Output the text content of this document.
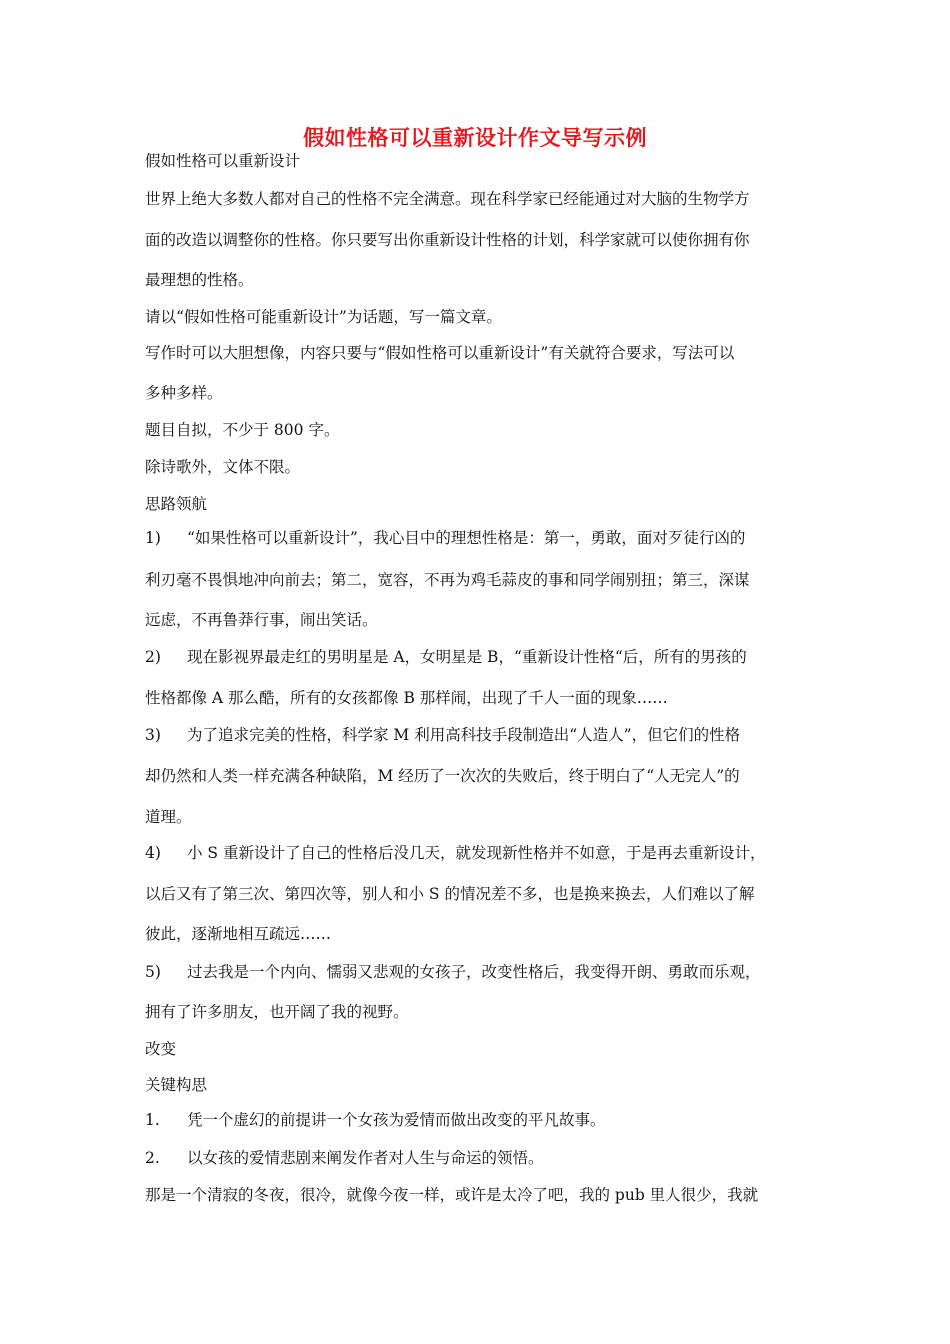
假如性格可以重新设计作文导写示例
假如性格可以重新设计
世界上绝大多数人都对自己的性格不完全满意。现在科学家已经能通过对大脑的生物学方
面的改造以调整你的性格。你只要写出你重新设计性格的计划，科学家就可以使你拥有你
最理想的性格。
请以“假如性格可能重新设计”为话题，写一篇文章。
写作时可以大胆想像，内容只要与“假如性格可以重新设计”有关就符合要求，写法可以
多种多样。
题目自拟，不少于 800 字。
除诗歌外，文体不限。
思路领航
1) “如果性格可以重新设计”，我心目中的理想性格是：第一，勇敢，面对歹徒行凶的
利刃毫不畏惧地冲向前去；第二，宽容，不再为鸡毛蒜皮的事和同学闹别扭；第三，深谋
远虑，不再鲁莽行事，闹出笑话。
2) 现在影视界最走红的男明星是 A，女明星是 B，“重新设计性格“后，所有的男孩的
性格都像 A 那么酷，所有的女孩都像 B 那样闹，出现了千人一面的现象……
3) 为了追求完美的性格，科学家 M 利用高科技手段制造出“人造人”，但它们的性格
却仍然和人类一样充满各种缺陷，M 经历了一次次的失败后，终于明白了“人无完人”的
道理。
4) 小 S 重新设计了自己的性格后没几天，就发现新性格并不如意，于是再去重新设计，
以后又有了第三次、第四次等，别人和小 S 的情况差不多，也是换来换去，人们难以了解
彼此，逐渐地相互疏远……
5) 过去我是一个内向、懦弱又悲观的女孩子，改变性格后，我变得开朗、勇敢而乐观，
拥有了许多朋友，也开阔了我的视野。
改变
关键构思
1. 凭一个虚幻的前提讲一个女孩为爱情而做出改变的平凡故事。
2. 以女孩的爱情悲剧来阐发作者对人生与命运的领悟。
那是一个清寂的冬夜，很冷，就像今夜一样，或许是太冷了吧，我的 pub 里人很少，我就
